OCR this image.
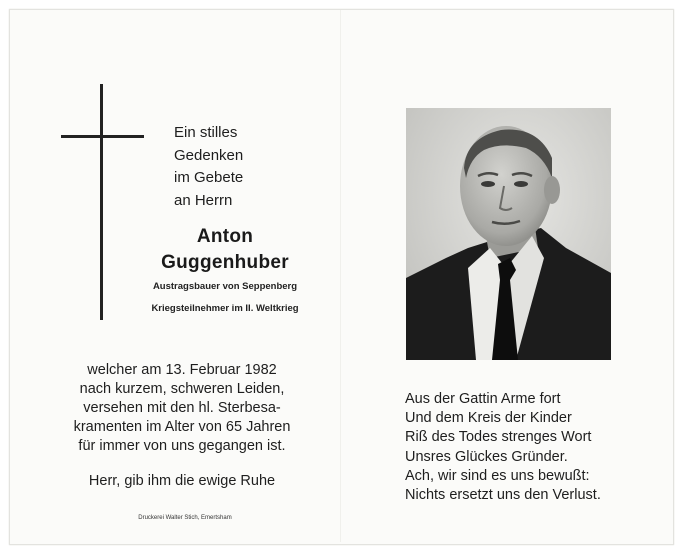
Ein stilles
Gedenken
im Gebete
an Herrn
Anton
Guggenhuber
Austragsbauer von Seppenberg
Kriegsteilnehmer im II. Weltkrieg
welcher am 13. Februar 1982
nach kurzem, schweren Leiden,
versehen mit den hl. Sterbesa-
kramenten im Alter von 65 Jahren
für immer von uns gegangen ist.
Herr, gib ihm die ewige Ruhe
Druckerei Walter Stich, Emertsham
Aus der Gattin Arme fort
Und dem Kreis der Kinder
Riß des Todes strenges Wort
Unsres Glückes Gründer.
Ach, wir sind es uns bewußt:
Nichts ersetzt uns den Verlust.
